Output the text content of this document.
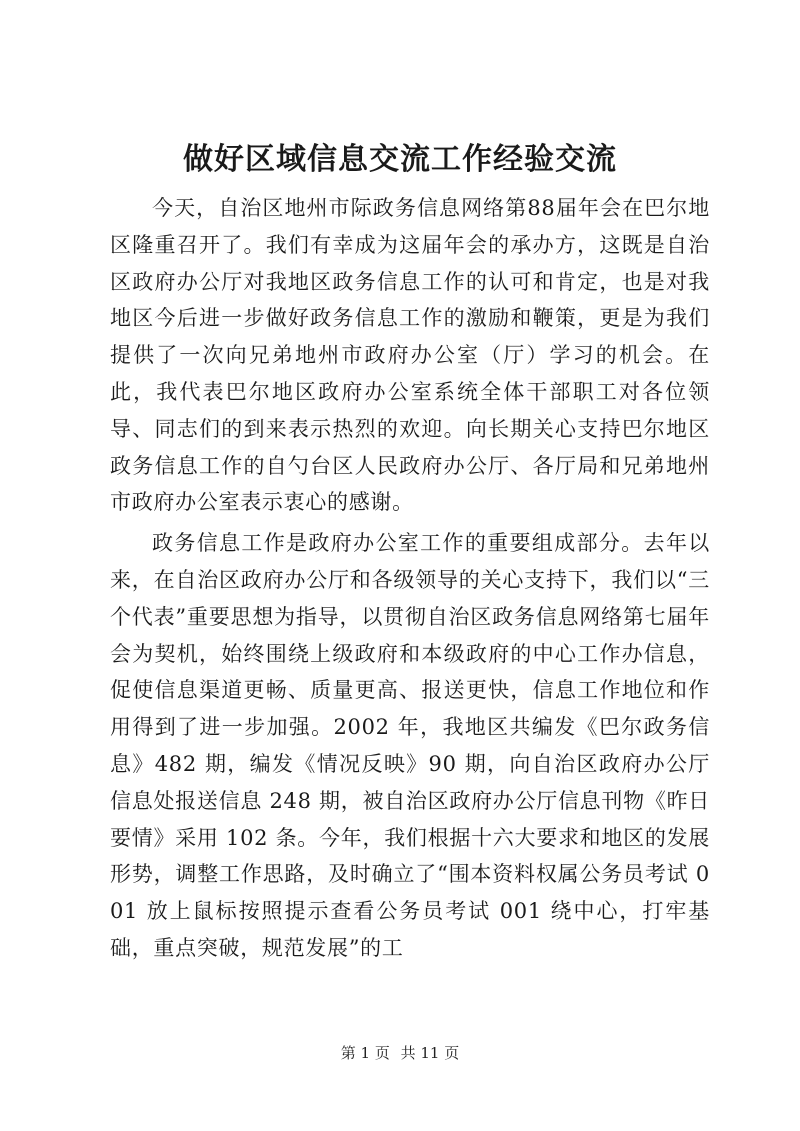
做好区域信息交流工作经验交流

今天，自治区地州市际政务信息网络第88届年会在巴尔地区隆重召开了。我们有幸成为这届年会的承办方，这既是自治区政府办公厅对我地区政务信息工作的认可和肯定，也是对我地区今后进一步做好政务信息工作的激励和鞭策，更是为我们提供了一次向兄弟地州市政府办公室（厅）学习的机会。在此，我代表巴尔地区政府办公室系统全体干部职工对各位领导、同志们的到来表示热烈的欢迎。向长期关心支持巴尔地区政务信息工作的自勺台区人民政府办公厅、各厅局和兄弟地州市政府办公室表示衷心的感谢。

政务信息工作是政府办公室工作的重要组成部分。去年以来，在自治区政府办公厅和各级领导的关心支持下，我们以“三个代表”重要思想为指导，以贯彻自治区政务信息网络第七届年会为契机，始终围绕上级政府和本级政府的中心工作办信息，促使信息渠道更畅、质量更高、报送更快，信息工作地位和作用得到了进一步加强。2002 年，我地区共编发《巴尔政务信息》482 期，编发《情况反映》90 期，向自治区政府办公厅信息处报送信息 248 期，被自治区政府办公厅信息刊物《昨日要情》采用 102 条。今年，我们根据十六大要求和地区的发展形势，调整工作思路，及时确立了“围本资料权属公务员考试 001 放上鼠标按照提示查看公务员考试 001 绕中心，打牢基础，重点突破，规范发展”的工

第 1 页 共 11 页
